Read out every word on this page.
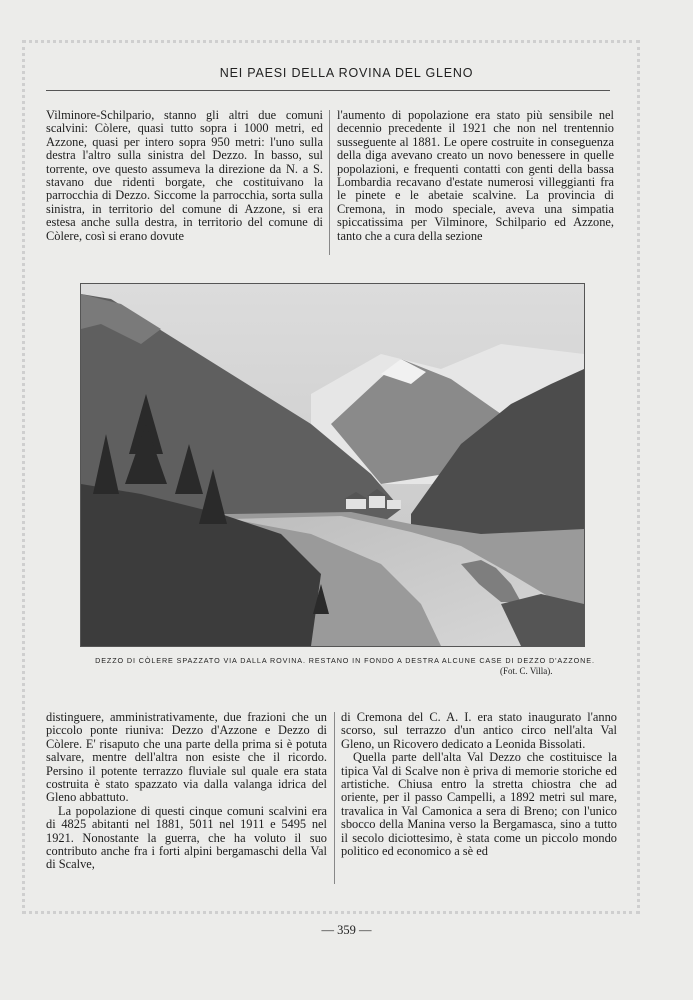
NEI PAESI DELLA ROVINA DEL GLENO

Vilminore-Schilpario, stanno gli altri due comuni scalvini: Còlere, quasi tutto sopra i 1000 metri, ed Azzone, quasi per intero sopra 950 metri: l'uno sulla destra l'altro sulla sinistra del Dezzo. In basso, sul torrente, ove questo assumeva la direzione da N. a S. stavano due ridenti borgate, che costituivano la parrocchia di Dezzo. Siccome la parrocchia, sorta sulla sinistra, in territorio del comune di Azzone, si era estesa anche sulla destra, in territorio del comune di Còlere, così si erano dovute

l'aumento di popolazione era stato più sensibile nel decennio precedente il 1921 che non nel trentennio susseguente al 1881. Le opere costruite in conseguenza della diga avevano creato un novo benessere in quelle popolazioni, e frequenti contatti con genti della bassa Lombardia recavano d'estate numerosi villeggianti fra le pinete e le abetaie scalvine. La provincia di Cremona, in modo speciale, aveva una simpatia spiccatissima per Vilminore, Schilpario ed Azzone, tanto che a cura della sezione

DEZZO DI CÒLERE SPAZZATO VIA DALLA ROVINA. RESTANO IN FONDO A DESTRA ALCUNE CASE DI DEZZO D'AZZONE.
(Fot. C. Villa).

distinguere, amministrativamente, due frazioni che un piccolo ponte riuniva: Dezzo d'Azzone e Dezzo di Còlere. E' risaputo che una parte della prima si è potuta salvare, mentre dell'altra non esiste che il ricordo. Persino il potente terrazzo fluviale sul quale era stata costruita è stato spazzato via dalla valanga idrica del Gleno abbattuto.

La popolazione di questi cinque comuni scalvini era di 4825 abitanti nel 1881, 5011 nel 1911 e 5495 nel 1921. Nonostante la guerra, che ha voluto il suo contributo anche fra i forti alpini bergamaschi della Val di Scalve,

di Cremona del C. A. I. era stato inaugurato l'anno scorso, sul terrazzo d'un antico circo nell'alta Val Gleno, un Ricovero dedicato a Leonida Bissolati.

Quella parte dell'alta Val Dezzo che costituisce la tipica Val di Scalve non è priva di memorie storiche ed artistiche. Chiusa entro la stretta chiostra che ad oriente, per il passo Campelli, a 1892 metri sul mare, travalica in Val Camonica a sera di Breno; con l'unico sbocco della Manina verso la Bergamasca, sino a tutto il secolo diciottesimo, è stata come un piccolo mondo politico ed economico a sè ed

— 359 —
